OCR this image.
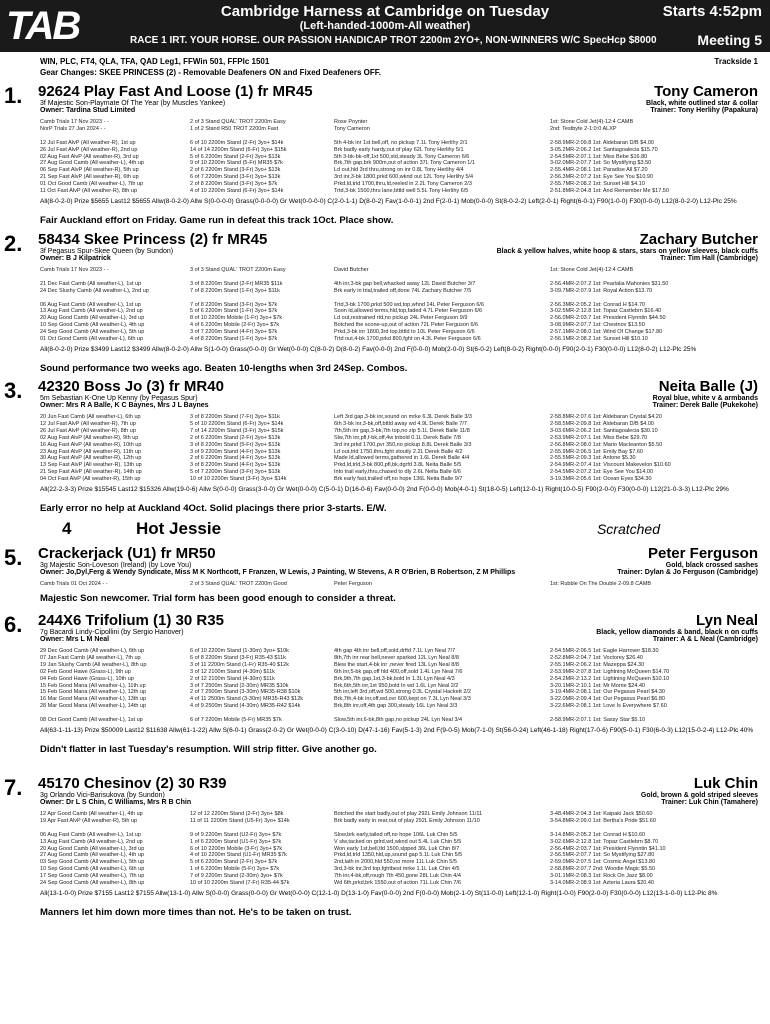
TAB	Cambridge Harness at Cambridge on Tuesday
(Left-handed-1000m-All weather)
RACE 1 IRT. YOUR HORSE. OUR PASSION HANDICAP TROT 2200m 2YO+, NON-WINNERS W/C SpecHcp $8000
Starts 4:52pm
Meeting 5
WIN, PLC, FT4, QLA, TFA, QAD Leg1, FFWin 501, FFPlc 1501
Gear Changes: SKEE PRINCESS (2) - Removable Deafeners ON and Fixed Deafeners OFF.
Trackside 1
1. 92624 Play Fast And Loose (1) fr MR45	Tony Cameron
3f Majestic Son-Playmate Of The Year (by Muscles Yankee)
Owner: Tardina Stud Limited
Black, white outlined star & collar
Trainer: Tony Herlihy (Papakura)
Camb Trials 17 Nov 2023 - -	2 of 3 Stand QUAL' TROT 2200m Easy	Rose Poynter	1st: Stone Cold Jet(4)-12:4 CAMB
NorP Trials 27 Jan 2024 - -	1 of 2 Stand R50 TROT 2200m Fast	Tony Cameron	2nd: Testbyte 2-1:0:0 ALXP
12 Jul Fast AlvP (All weather-R), 1st up	6 of 10 2200m Stand (2-Fr) 3yo+ $14k	5th 4-bk inr 1st bell,off, no pickup 7.1L Tony Herlihy 2/1	2-58.9MR-2:09.8 1st: Aldebaran D/B $4.00
26 Jul Fast AlvP (All weather-R), 2nd up	14 of 14 2200m Stand (6-Fr) 3yo+ $15k	Brk badly early hardy,out of play 62L Tony Herlihy 5/1	3-05.2MR-2:06.2 1st: Santiagoalecia $15.70
02 Aug Fast AlvP (All weather-R), 3rd up	5 of 6 2200m Stand (2-Fr) 3yo+ $13k	5th 3-bk-bk-off,1xt 500,std,steady 3L Tony Cameron 6/6	2-54.5MR-2:07.1 1st: Miss Bebe $16.80
27 Aug Good Camb (All weather-L), 4th up	9 of 10 2200m Stand (5-Fr) MR35 $7k	Brk,7th gap,brk 900m,out of action 37L Tony Cameron 1/1	3-02.0MR-2:07.7 1st: So Mystifying $3.50
06 Sep Fast AlvP (All weather-R), 5th up	2 of 6 2200m Stand (3-Fr) 3yo+ $13k	Ld out,hld 3rd thru,strong on inr 0.8L Tony Herlihy 4/4	2-55.4MR-2:08.1 1st: Paradise All $7.20
21 Sep Fast AlvP (All weather-R), 6th up	6 of 7 2200m Stand (3-Fr) 3yo+ $13k	3rd inr,3-bk 1800,prkd 600,wknd out 12L Tony Herlihy 5/4	2-56.3MR-2:07.2 1st: Eye See You $10.90
01 Oct Good Camb (All weather-L), 7th up	2 of 8 2200m Stand (3-Fr) 3yo+ $7k	Prkd,ld,trld 1700,thru,ld,reeled in 2.2L Tony Cameron 2/3	2-55.7MR-2:08.2 1st: Sunset Hill $4.10
11 Oct Fast AlvP (All weather-R), 8th up	4 of 10 2200m Stand (6-Fr) 3yo+ $14k	Trtd,3-bk 1500,thru lane,bttld well 5.5L Tony Herlihy 6/5	2-51.8MR-2:04.8 1st: And Remember Me $17.50
All(8-0-2-0) Prize $5655 Last12 $5655 Allw(8-0-2-0) Allw S(0-0-0-0) Grass(0-0-0-0) Gr Wet(0-0-0-0) C(2-0-1-1) D(8-0-2) Fav(1-0-0-1) 2nd F(2-0-1) Mob(0-0-0) St(8-0-2-2) Left(2-0-1) Right(6-0-1) F90(1-0-0) F30(0-0-0) L12(8-0-2-0) L12-Plc 25%
Fair Auckland effort on Friday. Game run in defeat this track 1Oct. Place show.
2. 58434 Skee Princess (2) fr MR45	Zachary Butcher
3f Pegasus Spur-Skee Queen (by Sundon)
Owner: B J Kilpatrick
Black & yellow halves, white hoop & stars, stars on yellow sleeves, black cuffs
Trainer: Tim Hall (Cambridge)
Camb Trials 17 Nov 2023 - -	3 of 3 Stand QUAL' TROT 2200m Easy	David Butcher	1st: Stone Cold Jet(4)-12:4 CAMB
21 Dec Fast Camb (All weather-L), 1st up	3 of 8 2200m Stand (2-Fr) MR35 $11k	4th inr,3-bk gap bell,whacked away 12L David Butcher 3/7	2-56.4MR-2:07.2 1st: Pearlalia Mahonies $31.50
24 Dec Slushy Camb (All weather-L), 2nd up	7 of 8 2200m Stand (1-Fr) 3yo+ $11k	Brk early in trial,trailed off,done 74L Zachary Butcher 7/5	3-09.7MR-2:07.9 1st: Royal Action $13.70
06 Aug Fast Camb (All weather-L), 1st up	7 of 8 2200m Stand (3-Fr) 3yo+ $7k	Trtd,3-bk 1700,prkd 500 wd,top,whnd 14L Peter Ferguson 6/6	2-56.3MR-2:05.2 1st: Conrad H $14.70
13 Aug Fast Camb (All weather-L), 2nd up	5 of 6 2200m Stand (1-Fr) 3yo+ $7k	Soon ld,allowed terms,hld,top,faded 4.7L Peter Ferguson 6/6	3-02.5MR-2:12.8 1st: Topaz Castlebrn $16.40
20 Aug Good Camb (All weather-L), 3rd up	8 of 10 2200m Mobile (1-Fr) 3yo+ $7k	Ld out,restrained rtd,no pickup 24L Peter Ferguson 9/9	2-56.0MR-2:03.7 1st: President Flynntin $44.50
10 Sep Good Camb (All weather-L), 4th up	4 of 6 2200m Mobile (2-Fr) 3yo+ $7k	Botched the scone-up,out of action 72L Peter Ferguson 6/6	3-08.9MR-2:07.7 1st: Chestnov $13.50
24 Sep Good Camb (All weather-L), 5th up	3 of 7 2200m Stand (4-Fr) 3yo+ $7k	Prkd,3-bk inr 1800,3rd top,bttld to 10L Peter Ferguson 6/6	2-57.1MR-2:08.0 1st: Wind Of Change $17.80
01 Oct Good Camb (All weather-L), 6th up	4 of 8 2200m Stand (1-Fr) 3yo+ $7k	Trtd out,4-bk 1700,prkd 800,fght on 4.3L Peter Ferguson 6/6	2-56.1MR-2:08.2 1st: Sunset Hill $10.10
All(8-0-2-0) Prize $3499 Last12 $3499 Allw(8-0-2-0) Allw S(1-0-0) Grass(0-0-0) Gr Wet(0-0-0) C(8-0-2) D(8-0-2) Fav(0-0-0) 2nd F(0-0-0) Mob(2-0-0) St(6-0-2) Left(8-0-2) Right(0-0-0) F90(2-0-1) F30(0-0-0) L12(8-0-2) L12-Plc 25%
Sound performance two weeks ago. Beaten 10-lengths when 3rd 24Sep. Combos.
3. 42320 Boss Jo (3) fr MR40	Neita Balle (J)
5m Sebastian K-One Up Kenny (by Pegasus Spur)
Owner: Mrs R A Balle, K C Baynes, Mrs J L Baynes
Royal blue, white v & armbands
Trainer: Derek Balle (Pukekohe)
20 Jun Fast Camb (All weather-L), 6th up	3 of 8 2200m Stand (7-Fr) 3yo+ $11k	Left 3rd gap,3-bk inr,sound on mrke 6.3L Derek Balle 3/3	2-58.8MR-2:07.6 1st: Aldebaran Crystal $4.20
12 Jul Fast AlvP (All weather-R), 7th up	5 of 10 2200m Stand (6-Fr) 3yo+ $14k	6th 3-bk inr,3-bk,off,bttld away wd 4.9L Derek Balle 7/7	2-58.5MR-2:09.8 1st: Aldebaran D/B $4.00
26 Jul Fast AlvP (All weather-R), 8th up	7 of 14 2200m Stand (3-Fr) 3yo+ $15k	7th,5th inr gap,3-bk,7th top,no zip 5.1L Derek Balle 11/8	3-03.6MR-2:06.2 1st: Santiagoalecia $30.10
02 Aug Fast AlvP (All weather-R), 9th up	2 of 6 2200m Stand (2-Fr) 3yo+ $13k	Slw,7th inr,pfl,f-bk,off,4w tnbold 0.1L Derek Balle 7/8	2-53.9MR-2:07.1 1st: Miss Bebe $29.70
16 Aug Fast AlvP (All weather-R), 10th up	3 of 8 2200m Stand (5-Fr) 3yo+ $13k	3rd inr,prkd 1700,pvr 350,no pickup 8.8L Derek Balle 3/3	2-56.8MR-2:08.0 1st: Mario Macleanton $5.50
23 Aug Fast AlvP (All weather-R), 11th up	3 of 9 2200m Stand (4-Fr) 3yo+ $13k	Ld out,trld 1750,thru,fght stoutly 2.2L Derek Balle 4/2	2-55.9MR-2:06.5 1st: Emily Bay $7.60
30 Aug Fast AlvP (All weather-R), 12th up	2 of 6 2200m Stand (4-Fr) 3yo+ $13k	Made ld,allowed terms,gathered in 1.6L Derek Balle 4/4	2-55.5MR-2:09.3 1st: Antone $5.30
13 Sep Fast AlvP (All weather-R), 13th up	3 of 8 2200m Stand (4-Fr) 3yo+ $13k	Prkd,ld,trld,3-bk 800,pfl,bk,dgrfd 3.8L Neita Balle 5/5	2-54.9MR-2:07.4 1st: Viscount Makevelon $10.60
21 Sep Fast AlvP (All weather-R), 14th up	5 of 7 2200m Stand (3-Fr) 3yo+ $13k	Into trail early,thru,chased to dly 2.6L Neita Balle 6/6	2-54.5MR-2:07.2 1st: Eye See You $14.00
04 Oct Fast AlvP (All weather-R), 15th up	10 of 10 2200m Stand (3-Fr) 3yo+ $14k	Brk early fast,trailed off,no hope 136L Neita Balle 9/7	3-19.3MR-2:05.6 1st: Ocean Eyes $34.30
All(22-2-3-3) Prize $15545 Last12 $15326 Allw(19-0-6) Allw S(0-0-0) Grass(3-0-0) Gr Wet(0-0-0) C(5-0-1) D(16-0-6) Fav(0-0-0) 2nd F(0-0-0) Mob(4-0-1) St(18-0-5) Left(12-0-1) Right(10-0-5) F90(2-0-0) F30(0-0-0) L12(21-0-3-3) L12-Plc 29%
Early error no help at Auckland 4Oct. Solid placings there prior 3-starts. E/W.
4	Hot Jessie	Scratched
5. Crackerjack (U1) fr MR50	Peter Ferguson
3g Majestic Son-Loveson (Ireland) (by Love You)
Owner: Jo,Dyl,Ferg & Wendy Syndicate, Miss M K Northcott, F Franzen, W Lewis, J Painting, W Stevens, A R O'Brien, B Robertson, Z M Phillips
Gold, black crossed sashes
Trainer: Dylan & Jo Ferguson (Cambridge)
Camb Trials 01 Oct 2024 - -	2 of 3 Stand QUAL' TROT 2200m Good	Peter Ferguson	1st: Rubble On The Double 2-09.8 CAMB
Majestic Son newcomer. Trial form has been good enough to consider a threat.
6. 244X6 Trifolium (1) 30 R35	Lyn Neal
7g Bacardi Lindy-Cipollini (by Sergio Hanover)
Owner: Mrs L M Neal
Black, yellow diamonds & band, black n on cuffs
Trainer: A & L Neal (Cambridge)
29 Dec Good Camb (All weather-L), 6th up	6 of 10 2200m Stand (1-30m) 3yo+ $10k	4th gap 4th inr bell,off,sold,drftd 7.1L Lyn Neal 7/7	2-54.5MR-2:06.5 1st: Eagle Harrover $18.30
07 Jan Fast Camb (All weather-L), 7th up	6 of 8 2200m Stand (3-Fr) R35-43 $11k	8th,7th inr rear bell,never sparked 12L Lyn Neal 8/8	2-52.8MR-2:04.7 1st: Voctorey $26.40
19 Jan Slushy Camb (All weather-L), 8th up	3 of 11 2200m Stand (1-Fr) R35-40 $12k	Blew the start,4-bk inr ,never fired 13L Lyn Neal 8/8	2-55.1MR-2:06.2 1st: Mazeppa $24.30
02 Feb Good Hawe (Grass-L), 9th up	3 of 12 2100m Stand (4-30m) $11k	6th inr,5-bk gap,off hld 400,off,sold 1.4L Lyn Neal 7/6	2-53.9MR-2:07.8 1st: Lightning McQueen $14.70
04 Feb Good Hawe (Grass-L), 10th up	2 of 12 2100m Stand (4-30m) $11k	Brk,9th,7th gap,1xt,3-bk,bold In 1.3L Lyn Neal 4/3	2-54.2MR-2:13.2 1st: Lightning McQueen $10.10
15 Feb Good Mana (All weather-L), 11th up	3 of 7 2500m Stand (2-30m) MR35 $10k	Brk,6th,5th inr,1xt 950,bold In wd 1.6L Lyn Neal 2/2	3-20.1MR-2:10.1 1st: Mr Morrie $24.40
15 Feb Good Mana (All weather-L), 12th up	2 of 7 2500m Stand (3-30m) MR35-R38 $10k	5th inr,left 3rd,off,wd 500,strong 0.3L Crystal Hackett 2/2	3-19.4MR-2:08.1 1st: Our Pegasus Pearl $4.30
16 Mar Good Mana (All weather-L), 13th up	4 of 11 2500m Stand (3-30m) MR35-R43 $12k	Brk,7th,4-bk inr,off,wd,ovr 600,kept on 7.3L Lyn Neal 3/3	3-22.0MR-2:09.4 1st: Our Pegasus Pearl $6.80
28 Mar Good Mana (All weather-L), 14th up	4 of 9 2500m Stand (4-30m) MR35-R42 $14k	Brk,8th inr,off,4th gap 300,steady 16L Lyn Neal 3/3	3-22.6MR-2:08.1 1st: Love Is Everywhere $7.60
08 Oct Good Camb (All weather-L), 1st up	6 of 7 2200m Mobile (5-Fr) MR35 $7k	Slow,5th inr,6-bk,8th gap,no pickup 24L Lyn Neal 3/4	2-58.9MR-2:07.1 1st: Sassy Star $5.10
All(63-1-11-13) Prize $50009 Last12 $11638 Allw(61-1-22) Allw S(6-0-1) Grass(2-0-2) Gr Wet(0-0-0) C(3-0-10) D(47-1-16) Fav(5-1-3) 2nd F(9-0-5) Mob(7-1-0) St(56-0-24) Left(46-1-18) Right(17-0-6) F90(5-0-1) F30(6-0-3) L12(15-0-2-4) L12-Plc 40%
Didn't flatter in last Tuesday's resumption. Will strip fitter. Give another go.
7. 45170 Chesinov (2) 30 R39	Luk Chin
3g Orlando Vici-Barisukova (by Sundon)
Owner: Dr L S Chin, C Williams, Mrs R B Chin
Gold, brown & gold striped sleeves
Trainer: Luk Chin (Tamahere)
12 Apr Good Camb (All weather-L), 4th up	12 of 12 2200m Stand (2-Fr) 3yo+ $8k	Botched the start badly,out of play 292L Emily Johnson 11/11	3-48.4MR-2:04.3 1st: Kaipaki Jack $50.60
19 Apr Fast AlvP (All weather-R), 5th up	11 of 11 2200m Stand (U5-Fr) 3yo+ $14k	Brk badly early in rear,out of play 292L Emily Johnson 11/10	3-54.8MR-2:09.0 1st: Bertha's Pride $51.60
06 Aug Fast Camb (All weather-L), 1st up	9 of 9 2200m Stand (U2-Fr) 3yo+ $7k	Slow,brk early,tailed off,no hope 106L Luk Chin 5/5	3-14.8MR-2:05.2 1st: Conrad H $10.60
13 Aug Fast Camb (All weather-L), 2nd up	1 of 6 2200m Stand (U1-Fr) 3yo+ $7k	V slw,tacked on grlrd,wd,wknd out 5.4L Luk Chin 5/5	3-02.6MR-2:12.8 1st: Topaz Castlebrn $8.70
20 Aug Good Camb (All weather-L), 3rd up	6 of 10 2200m Mobile (3-Fr) 3yo+ $7k	Won early 1st,bell,tld 1500,slpped 36L Luk Chin 8/7	2-56.4MR-2:03.7 1st: President Flynntin $41.10
27 Aug Good Camb (All weather-L), 4th up	4 of 10 2200m Stand (U1-Fr) MR35 $7k	Prkd,ld,trld 1350,hld,up,sound gap 5.1L Luk Chin 5/5	2-56.5MR-2:07.7 1st: So Mystifying $27.80
03 Sep Good Camb (All weather-L), 5th up	5 of 6 2200m Stand (2-Fr) 3yo+ $7k	2nd,lath in 2000,hld 550,no more 11L Luk Chin 5/5	2-59.0MR-2:07.5 1st: Cosmic Angel $13.80
10 Sep Good Camb (All weather-L), 6th up	1 of 6 2200m Mobile (5-Fr) 3yo+ $7k	3rd,3-bk inr,3rd top,fghtbest mrke 1.1L Luk Chin 4/5	2-58.8MR-2:07.7 2nd: Woodie Magic $5.50
17 Sep Good Camb (All weather-L), 7th up	7 of 9 2200m Stand (2-30m) 3yo+ $7k	7th inr,4-bk,off,rough 7th 450,gone 28L Luk Chin 4/4	3-01.1MR-2:08.3 1st: Rock On Jazz $8.00
24 Sep Good Camb (All weather-L), 8th up	10 of 10 2200m Stand (7-Fr) R35-44 $7k	Wd 6th,prkd,brk 1550,out of action 71L Luk Chin 7/6	3-14.0MR-2:08.9 1st: Azteria Laura $20.40
All(13-1-0-0) Prize $7155 Last12 $7155 Allw(13-1-0) Allw S(0-0-0) Grass(0-0-0) Gr Wet(0-0-0) C(12-1-0) D(13-1-0) Fav(0-0-0) 2nd F(0-0-0) Mob(2-1-0) St(11-0-0) Left(12-1-0) Right(1-0-0) F90(2-0-0) F30(0-0-0) L12(13-1-0-0) L12-Plc 8%
Manners let him down more times than not. He's to be taken on trust.
